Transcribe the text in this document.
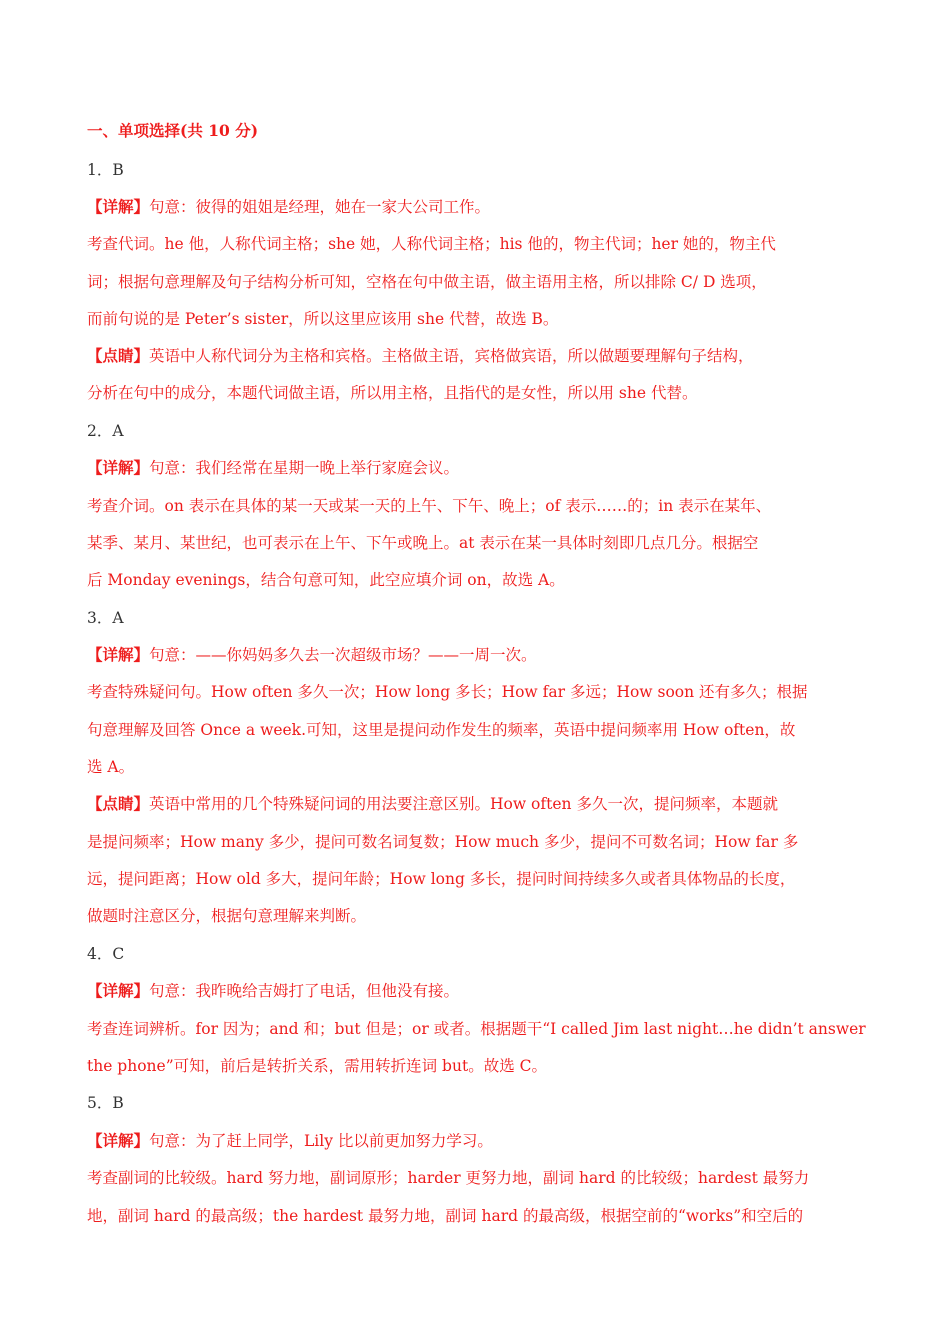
一、单项选择(共 10 分)
1．B
【详解】句意：彼得的姐姐是经理，她在一家大公司工作。
考查代词。he 他，人称代词主格；she 她，人称代词主格；his 他的，物主代词；her 她的，物主代
词；根据句意理解及句子结构分析可知，空格在句中做主语，做主语用主格，所以排除 C/ D 选项，
而前句说的是 Peter’s sister，所以这里应该用 she 代替，故选 B。
【点睛】英语中人称代词分为主格和宾格。主格做主语，宾格做宾语，所以做题要理解句子结构，
分析在句中的成分，本题代词做主语，所以用主格，且指代的是女性，所以用 she 代替。
2．A
【详解】句意：我们经常在星期一晚上举行家庭会议。
考查介词。on 表示在具体的某一天或某一天的上午、下午、晚上；of 表示……的；in 表示在某年、
某季、某月、某世纪，也可表示在上午、下午或晚上。at 表示在某一具体时刻即几点几分。根据空
后 Monday evenings，结合句意可知，此空应填介词 on，故选 A。
3．A
【详解】句意：——你妈妈多久去一次超级市场？——一周一次。
考查特殊疑问句。How often 多久一次；How long 多长；How far 多远；How soon 还有多久；根据
句意理解及回答 Once a week.可知，这里是提问动作发生的频率，英语中提问频率用 How often，故
选 A。
【点睛】英语中常用的几个特殊疑问词的用法要注意区别。How often 多久一次，提问频率，本题就
是提问频率；How many 多少，提问可数名词复数；How much 多少，提问不可数名词；How far 多
远，提问距离；How old 多大，提问年龄；How long 多长，提问时间持续多久或者具体物品的长度，
做题时注意区分，根据句意理解来判断。
4．C
【详解】句意：我昨晚给吉姆打了电话，但他没有接。
考查连词辨析。for 因为；and 和；but 但是；or 或者。根据题干“I called Jim last night…he didn’t answer
the phone”可知，前后是转折关系，需用转折连词 but。故选 C。
5．B
【详解】句意：为了赶上同学，Lily 比以前更加努力学习。
考查副词的比较级。hard 努力地，副词原形；harder 更努力地，副词 hard 的比较级；hardest 最努力
地，副词 hard 的最高级；the hardest 最努力地，副词 hard 的最高级，根据空前的“works”和空后的
